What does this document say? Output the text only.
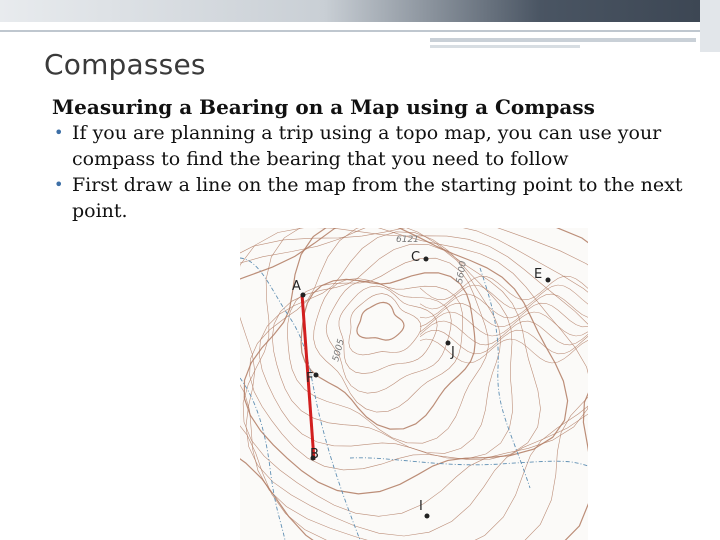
Compasses
Measuring a Bearing on a Map using a Compass
• If you are planning a trip using a topo map, you can use your compass to find the bearing that you need to follow
• First draw a line on the map from the starting point to the next point.
A
B
C
E
J
F
I
6121
5005
5600
